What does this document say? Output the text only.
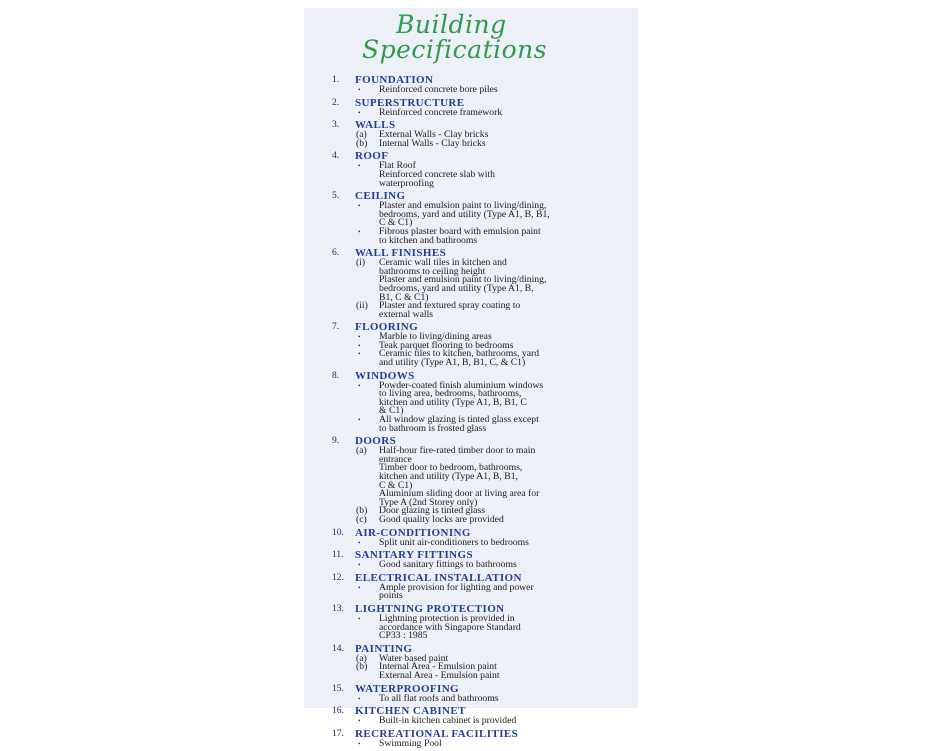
Building
Specifications
1. FOUNDATION
• Reinforced concrete bore piles
2. SUPERSTRUCTURE
• Reinforced concrete framework
3. WALLS
(a) External Walls - Clay bricks
(b) Internal Walls - Clay bricks
4. ROOF
• Flat Roof
Reinforced concrete slab with
waterproofing
5. CEILING
• Plaster and emulsion paint to living/dining,
bedrooms, yard and utility (Type A1, B, B1,
C & C1)
• Fibrous plaster board with emulsion paint
to kitchen and bathrooms
6. WALL FINISHES
(i) Ceramic wall tiles in kitchen and
bathrooms to ceiling height
Plaster and emulsion paint to living/dining,
bedrooms, yard and utility (Type A1, B,
B1, C & C1)
(ii) Plaster and textured spray coating to
external walls
7. FLOORING
• Marble to living/dining areas
• Teak parquet flooring to bedrooms
• Ceramic tiles to kitchen, bathrooms, yard
and utility (Type A1, B, B1, C, & C1)
8. WINDOWS
• Powder-coated finish aluminium windows
to living area, bedrooms, bathrooms,
kitchen and utility (Type A1, B, B1, C
& C1)
• All window glazing is tinted glass except
to bathroom is frosted glass
9. DOORS
(a) Half-hour fire-rated timber door to main
entrance
Timber door to bedroom, bathrooms,
kitchen and utility (Type A1, B, B1,
C & C1)
Aluminium sliding door at living area for
Type A (2nd Storey only)
(b) Door glazing is tinted glass
(c) Good quality locks are provided
10. AIR-CONDITIONING
• Split unit air-conditioners to bedrooms
11. SANITARY FITTINGS
• Good sanitary fittings to bathrooms
12. ELECTRICAL INSTALLATION
• Ample provision for lighting and power
points
13. LIGHTNING PROTECTION
• Lightning protection is provided in
accordance with Singapore Standard
CP33 : 1985
14. PAINTING
(a) Water based paint
(b) Internal Area - Emulsion paint
External Area - Emulsion paint
15. WATERPROOFING
• To all flat roofs and bathrooms
16. KITCHEN CABINET
• Built-in kitchen cabinet is provided
17. RECREATIONAL FACILITIES
• Swimming Pool
